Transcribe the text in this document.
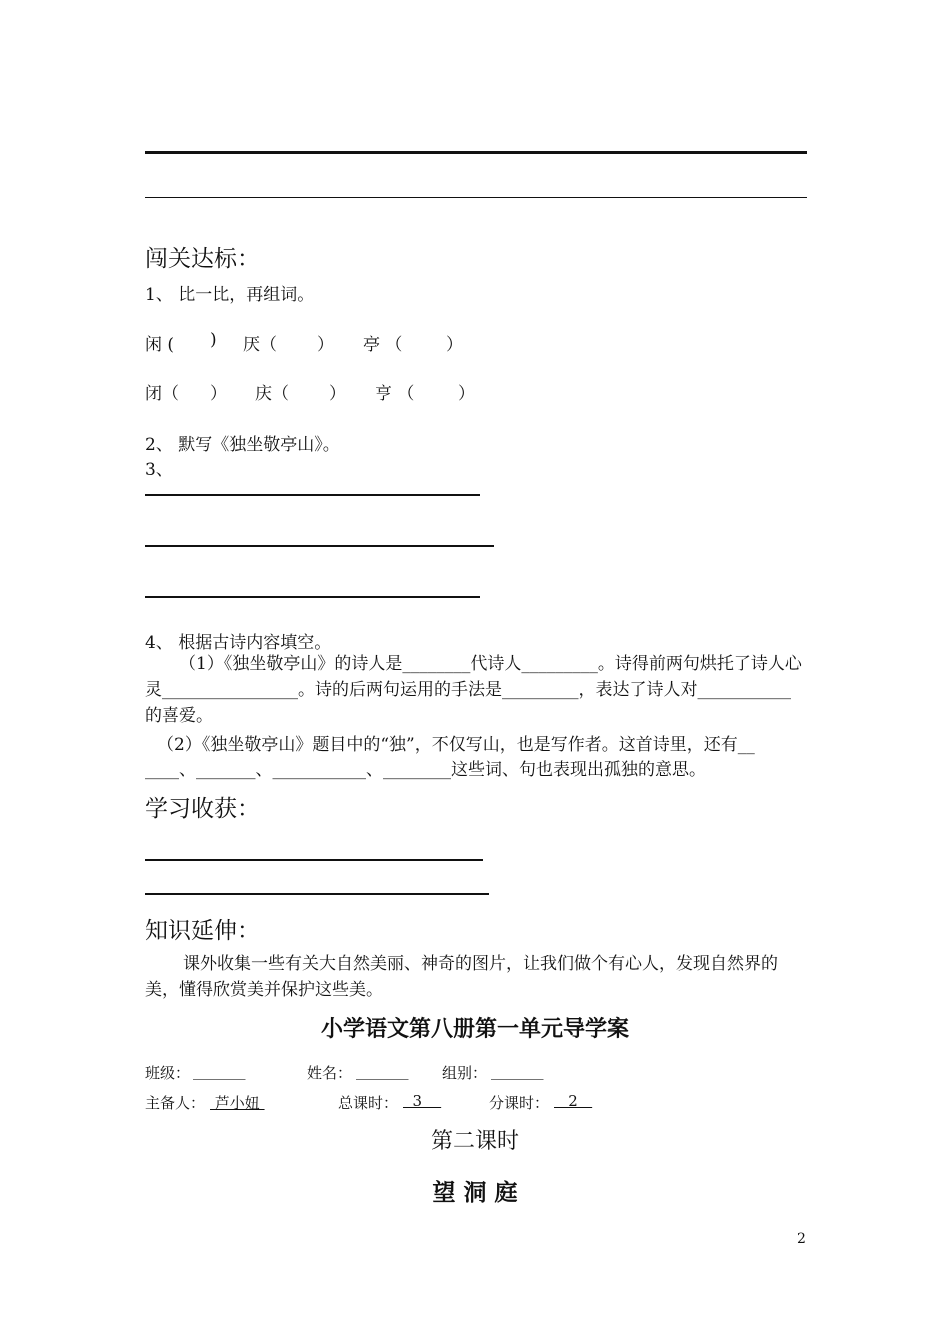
闯关达标：
1、 比一比，再组词。
闲 ( ) 厌（ ） 亭 （	）
闭（ ） 庆（ ） 亨 （	）
2、 默写《独坐敬亭山》。
3、
4、 根据古诗内容填空。
（1）《独坐敬亭山》的诗人是________代诗人_________。诗得前两句烘托了诗人心灵________________。诗的后两句运用的手法是_________，表达了诗人对___________的喜爱。
（2）《独坐敬亭山》题目中的“独”，不仅写山，也是写作者。这首诗里，还有__
____、_______、___________、________这些词、句也表现出孤独的意思。
学习收获：
知识延伸：
课外收集一些有关大自然美丽、神奇的图片，让我们做个有心人，发现自然界的美，懂得欣赏美并保护这些美。
小学语文第八册第一单元导学案
班级： _______	姓名： _______ 组别： _______
主备人： 芦小妞	总课时： 3	分课时： 2
第二课时
望 洞 庭
2
